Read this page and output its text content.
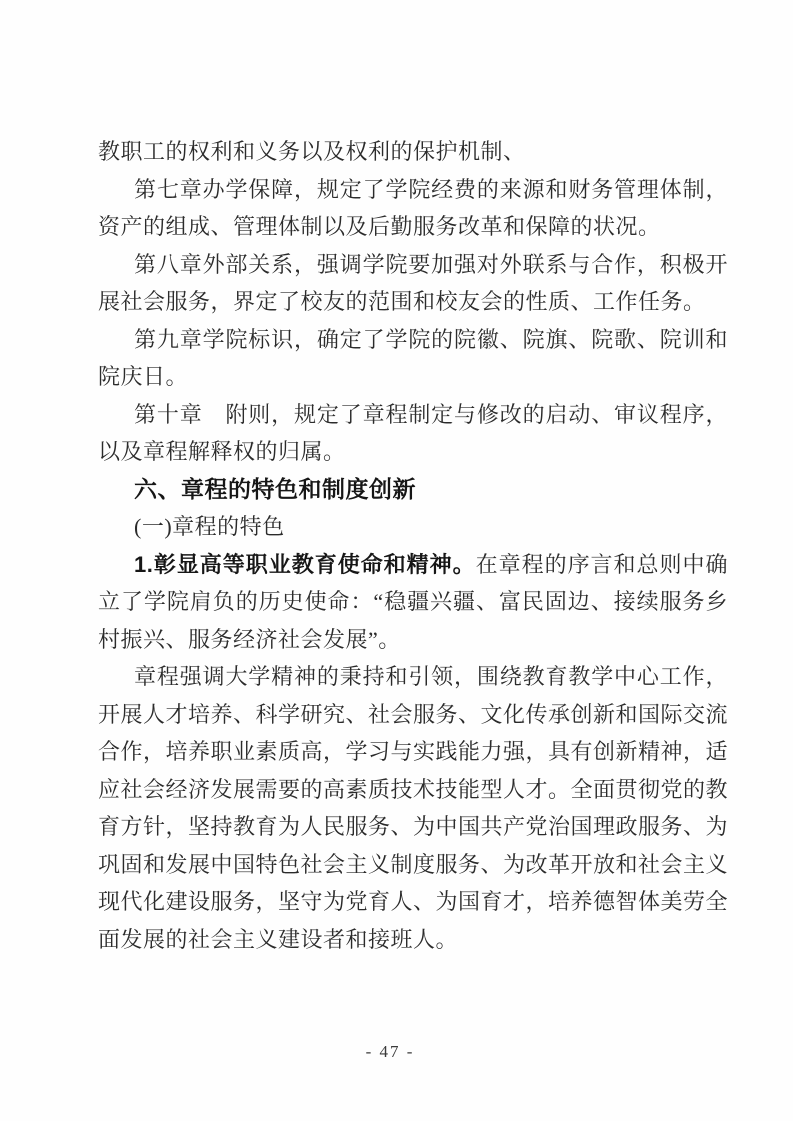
教职工的权利和义务以及权利的保护机制、
第七章办学保障，规定了学院经费的来源和财务管理体制，
资产的组成、管理体制以及后勤服务改革和保障的状况。
第八章外部关系，强调学院要加强对外联系与合作，积极开
展社会服务，界定了校友的范围和校友会的性质、工作任务。
第九章学院标识，确定了学院的院徽、院旗、院歌、院训和
院庆日。
第十章　附则，规定了章程制定与修改的启动、审议程序，
以及章程解释权的归属。
六、章程的特色和制度创新
(一)章程的特色
1.彰显高等职业教育使命和精神。在章程的序言和总则中确
立了学院肩负的历史使命：“稳疆兴疆、富民固边、接续服务乡
村振兴、服务经济社会发展”。
章程强调大学精神的秉持和引领，围绕教育教学中心工作，
开展人才培养、科学研究、社会服务、文化传承创新和国际交流
合作，培养职业素质高，学习与实践能力强，具有创新精神，适
应社会经济发展需要的高素质技术技能型人才。全面贯彻党的教
育方针，坚持教育为人民服务、为中国共产党治国理政服务、为
巩固和发展中国特色社会主义制度服务、为改革开放和社会主义
现代化建设服务，坚守为党育人、为国育才，培养德智体美劳全
面发展的社会主义建设者和接班人。
- 47 -
